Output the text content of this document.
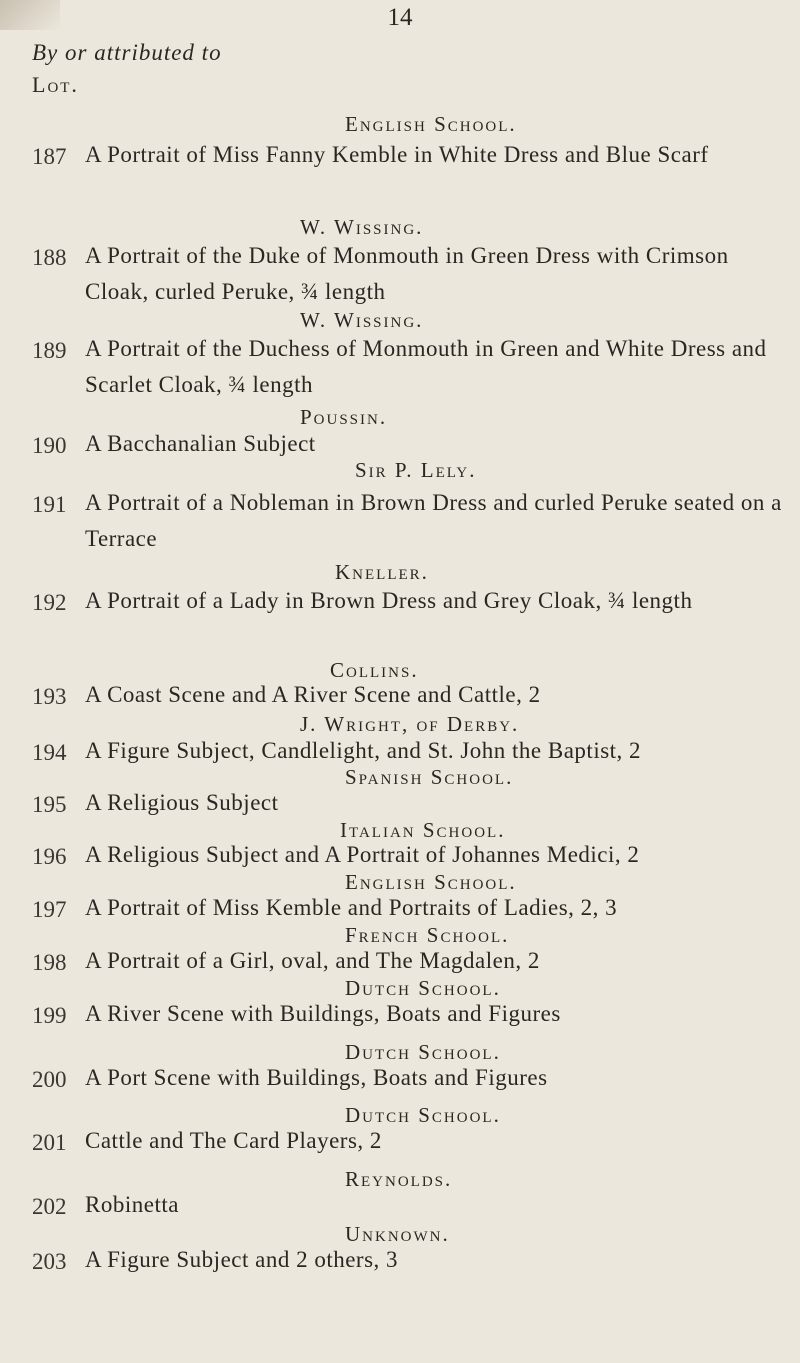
14
By or attributed to
Lot.
English School.
187 A Portrait of Miss Fanny Kemble in White Dress and Blue Scarf
W. Wissing.
188 A Portrait of the Duke of Monmouth in Green Dress with Crimson Cloak, curled Peruke, ¾ length
W. Wissing.
189 A Portrait of the Duchess of Monmouth in Green and White Dress and Scarlet Cloak, ¾ length
Poussin.
190 A Bacchanalian Subject
Sir P. Lely.
191 A Portrait of a Nobleman in Brown Dress and curled Peruke seated on a Terrace
Kneller.
192 A Portrait of a Lady in Brown Dress and Grey Cloak, ¾ length
Collins.
193 A Coast Scene and A River Scene and Cattle, 2
J. Wright, of Derby.
194 A Figure Subject, Candlelight, and St. John the Baptist, 2
Spanish School.
195 A Religious Subject
Italian School.
196 A Religious Subject and A Portrait of Johannes Medici, 2
English School.
197 A Portrait of Miss Kemble and Portraits of Ladies, 2, 3
French School.
198 A Portrait of a Girl, oval, and The Magdalen, 2
Dutch School.
199 A River Scene with Buildings, Boats and Figures
Dutch School.
200 A Port Scene with Buildings, Boats and Figures
Dutch School.
201 Cattle and The Card Players, 2
Reynolds.
202 Robinetta
Unknown.
203 A Figure Subject and 2 others, 3
